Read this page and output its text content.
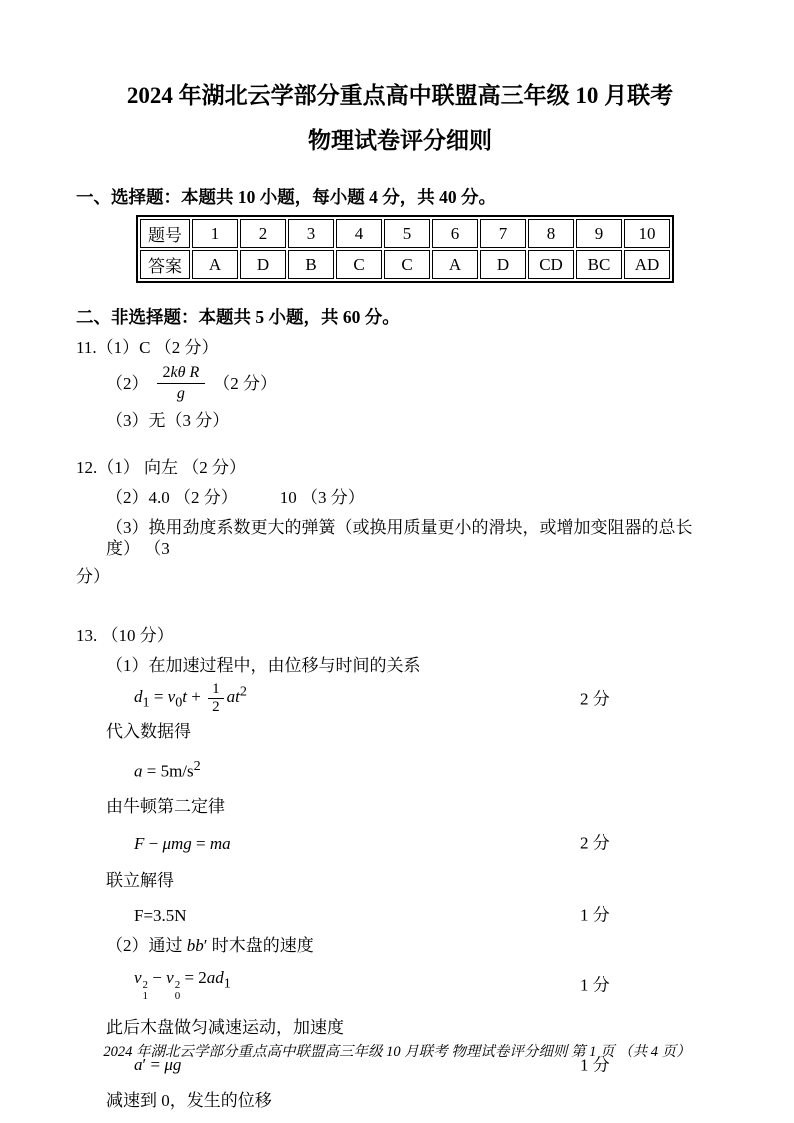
2024 年湖北云学部分重点高中联盟高三年级 10 月联考
物理试卷评分细则
一、选择题：本题共 10 小题，每小题 4 分，共 40 分。
题号	1	2	3	4	5	6	7	8	9	10
答案	A	D	B	C	C	A	D	CD	BC	AD
二、非选择题：本题共 5 小题，共 60 分。
11.（1）C （2 分）
$(2) \frac{\text{2kθ R}}{g} (2$ 分）
（3）无（3 分）
12.（1） 向左 （2 分）
（2）4.0 （2 分） 10 （3 分）
（3）换用劲度系数更大的弹簧（或换用质量更小的滑块，或增加变阻器的总长度） （3
分）
13. （10 分）
（1）在加速过程中，由位移与时间的关系
$d_1 = v_0t + \frac{1}{2} at^2$	2 分
代入数据得
$a = 5m/s^2$
由牛顿第二定律
F − μmg = ma	2 分
联立解得
F=3.5N	1 分
（2）通过 bb′ 时木盘的速度
v 2
1
− v 2
0
= $2ad_1$	1 分
此后木盘做匀减速运动，加速度
a′ = μg	1 分
减速到 0，发生的位移
2024 年湖北云学部分重点高中联盟高三年级 10 月联考 物理试卷评分细则 第 1 页 （共 4 页）
